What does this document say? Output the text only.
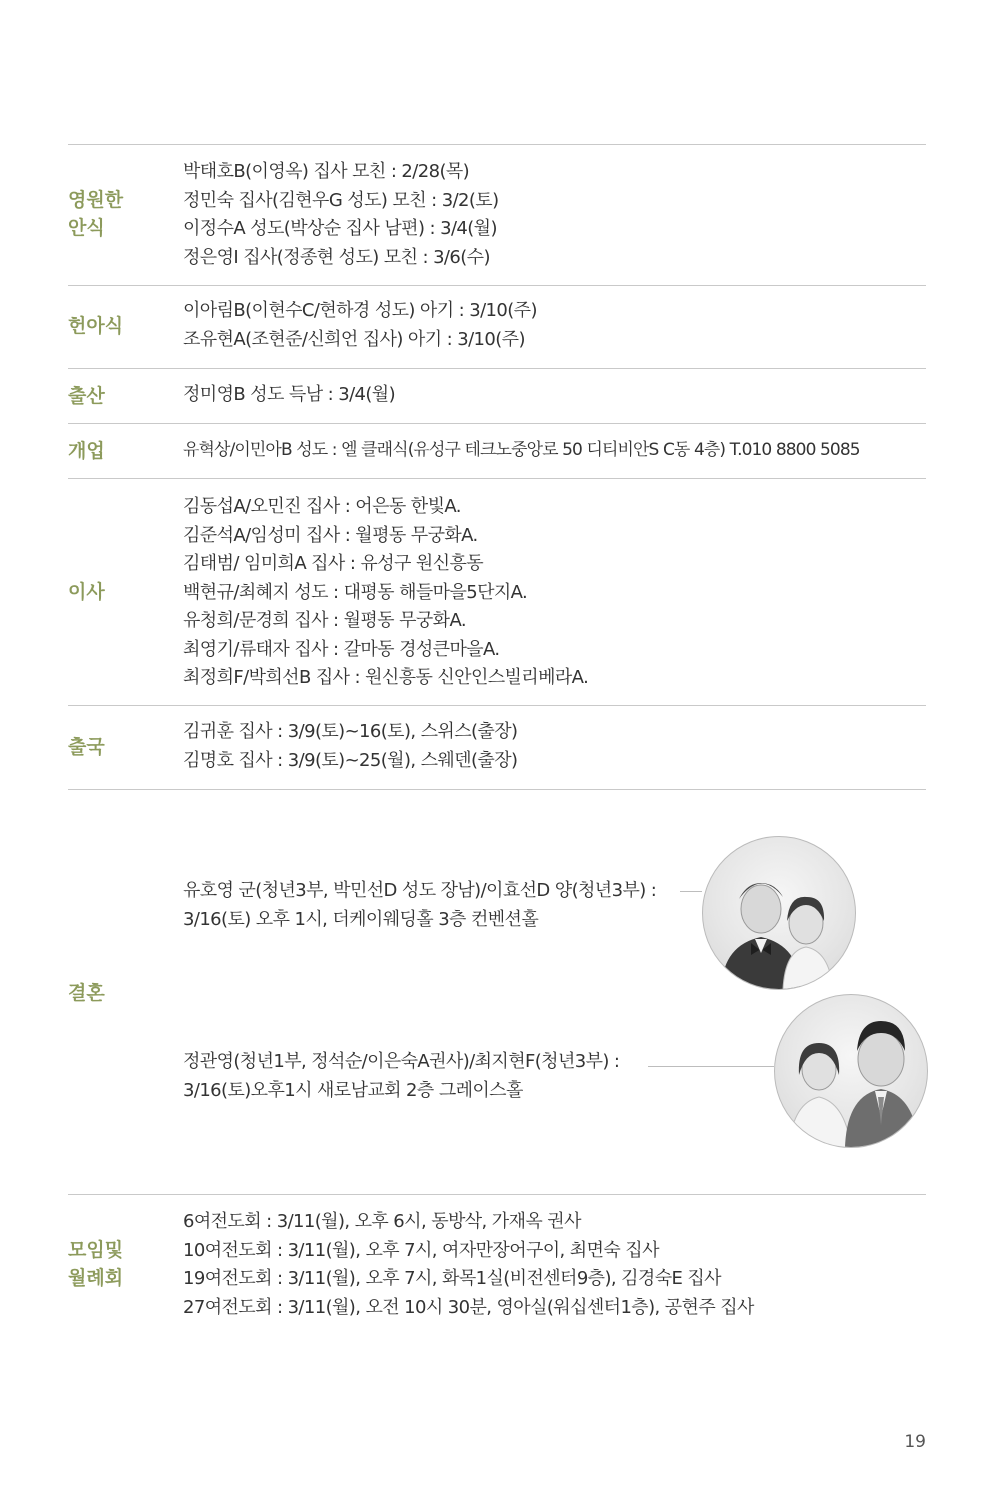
영원한
안식
박태호B(이영옥) 집사 모친 : 2/28(목)
정민숙 집사(김현우G 성도) 모친 : 3/2(토)
이정수A 성도(박상순 집사 남편) : 3/4(월)
정은영I 집사(정종현 성도) 모친 : 3/6(수)
헌아식
이아림B(이현수C/현하경 성도) 아기 : 3/10(주)
조유현A(조현준/신희언 집사) 아기 : 3/10(주)
출산	정미영B 성도 득남 : 3/4(월)
개업	유혁상/이민아B 성도 : 엘 클래식(유성구 테크노중앙로 50 디티비안S C동 4층) T.010 8800 5085
이사
김동섭A/오민진 집사 : 어은동 한빛A.
김준석A/임성미 집사 : 월평동 무궁화A.
김태범/ 임미희A 집사 : 유성구 원신흥동
백현규/최혜지 성도 : 대평동 해들마을5단지A.
유청희/문경희 집사 : 월평동 무궁화A.
최영기/류태자 집사 : 갈마동 경성큰마을A.
최정희F/박희선B 집사 : 원신흥동 신안인스빌리베라A.
출국
김귀훈 집사 : 3/9(토)~16(토), 스위스(출장)
김명호 집사 : 3/9(토)~25(월), 스웨덴(출장)
결혼
유호영 군(청년3부, 박민선D 성도 장남)/이효선D 양(청년3부) :
3/16(토) 오후 1시, 더케이웨딩홀 3층 컨벤션홀
정관영(청년1부, 정석순/이은숙A권사)/최지현F(청년3부) :
3/16(토)오후1시 새로남교회 2층 그레이스홀
모임및
월례회
6여전도회 : 3/11(월), 오후 6시, 동방삭, 가재옥 권사
10여전도회 : 3/11(월), 오후 7시, 여자만장어구이, 최면숙 집사
19여전도회 : 3/11(월), 오후 7시, 화목1실(비전센터9층), 김경숙E 집사
27여전도회 : 3/11(월), 오전 10시 30분, 영아실(워십센터1층), 공현주 집사
19
